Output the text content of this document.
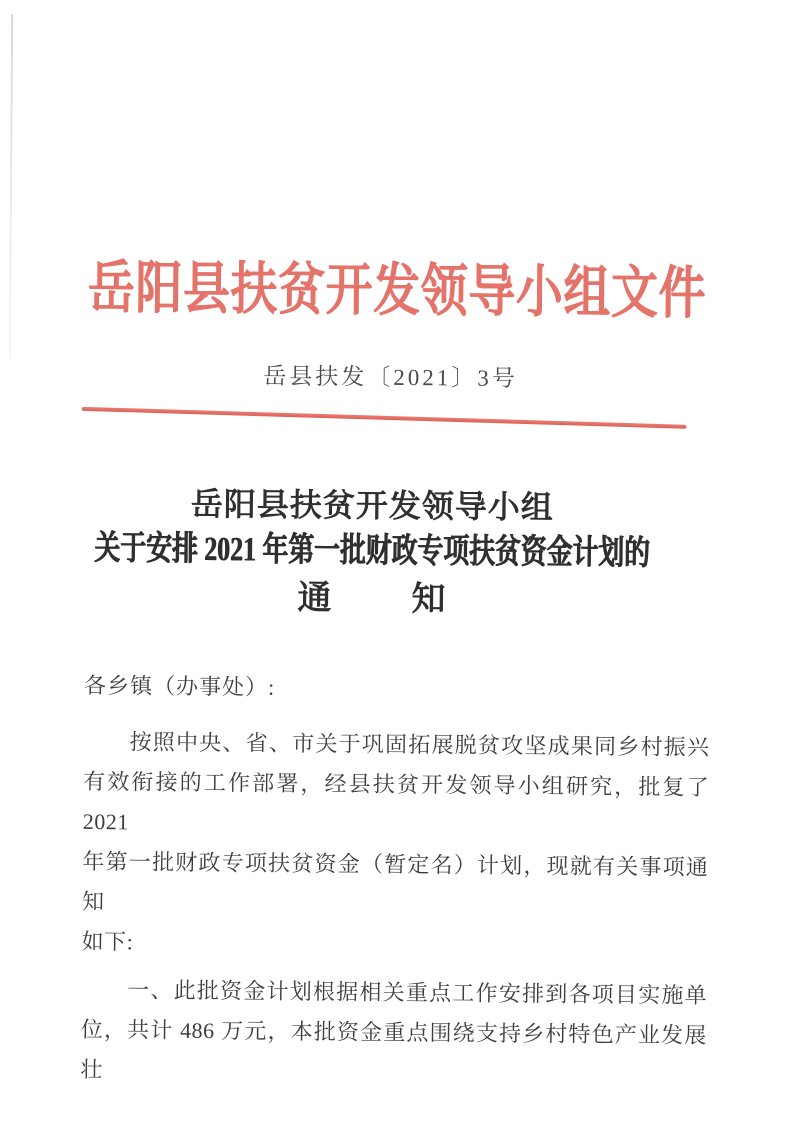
岳阳县扶贫开发领导小组文件
岳县扶发〔2021〕3号
岳阳县扶贫开发领导小组
关于安排 2021 年第一批财政专项扶贫资金计划的
通 知
各乡镇（办事处）:
按照中央、省、市关于巩固拓展脱贫攻坚成果同乡村振兴
有效衔接的工作部署，经县扶贫开发领导小组研究，批复了 2021
年第一批财政专项扶贫资金（暂定名）计划，现就有关事项通知
如下:
一、此批资金计划根据相关重点工作安排到各项目实施单
位，共计 486 万元，本批资金重点围绕支持乡村特色产业发展壮
